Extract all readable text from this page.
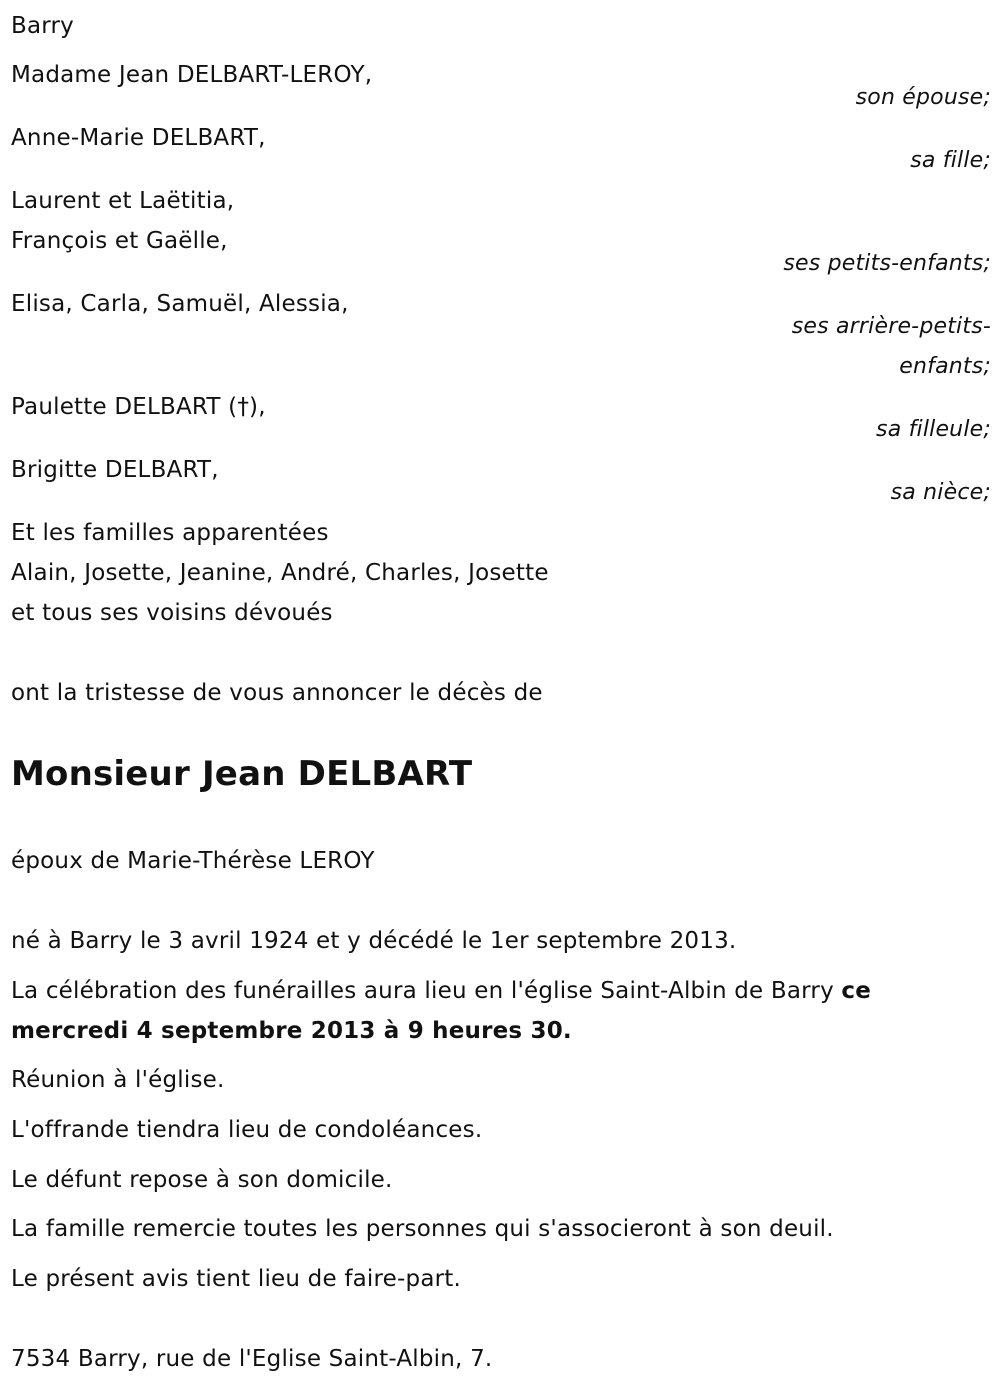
Barry
Madame Jean DELBART-LEROY,
son épouse;
Anne-Marie DELBART,
sa fille;
Laurent et Laëtitia,
François et Gaëlle,
ses petits-enfants;
Elisa, Carla, Samuël, Alessia,
ses arrière-petits-
enfants;
Paulette DELBART (†),
sa filleule;
Brigitte DELBART,
sa nièce;
Et les familles apparentées
Alain, Josette, Jeanine, André, Charles, Josette
et tous ses voisins dévoués
ont la tristesse de vous annoncer le décès de
Monsieur Jean DELBART
époux de Marie-Thérèse LEROY
né à Barry le 3 avril 1924 et y décédé le 1er septembre 2013.
La célébration des funérailles aura lieu en l'église Saint-Albin de Barry ce mercredi 4 septembre 2013 à 9 heures 30.
Réunion à l'église.
L'offrande tiendra lieu de condoléances.
Le défunt repose à son domicile.
La famille remercie toutes les personnes qui s'associeront à son deuil.
Le présent avis tient lieu de faire-part.
7534 Barry, rue de l'Eglise Saint-Albin, 7.
